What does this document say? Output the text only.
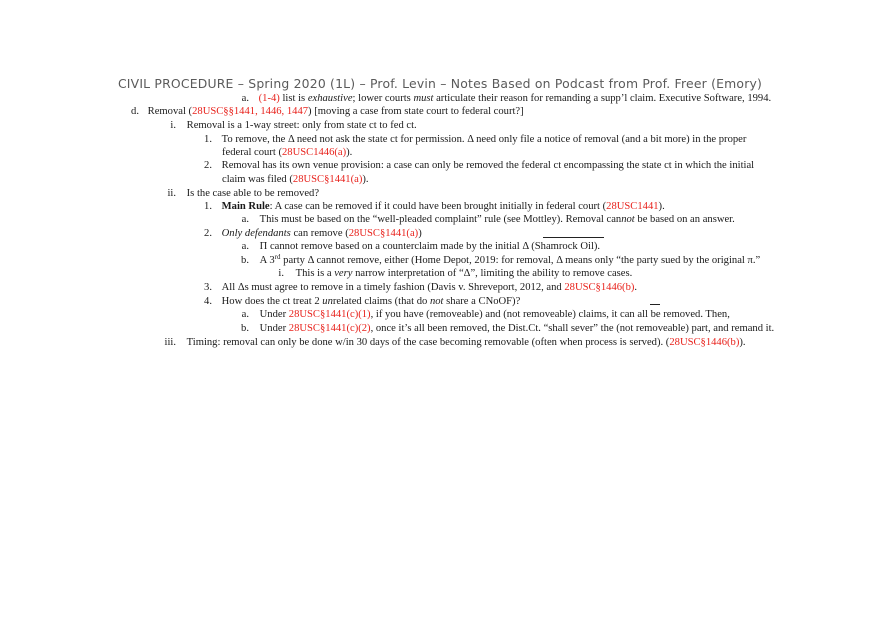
CIVIL PROCEDURE – Spring 2020 (1L) – Prof. Levin – Notes Based on Podcast from Prof. Freer (Emory)
a. (1-4) list is exhaustive; lower courts must articulate their reason for remanding a supp’l claim. Executive Software, 1994.
d. Removal (28USC§§1441, 1446, 1447) [moving a case from state court to federal court?]
i. Removal is a 1-way street: only from state ct to fed ct.
1. To remove, the Δ need not ask the state ct for permission. Δ need only file a notice of removal (and a bit more) in the proper
federal court (28USC1446(a)).
2. Removal has its own venue provision: a case can only be removed the federal ct encompassing the state ct in which the initial
claim was filed (28USC§1441(a)).
ii. Is the case able to be removed?
1. Main Rule: A case can be removed if it could have been brought initially in federal court (28USC1441).
a. This must be based on the “well-pleaded complaint” rule (see Mottley). Removal cannot be based on an answer.
2. Only defendants can remove (28USC§1441(a))
a. Π cannot remove based on a counterclaim made by the initial Δ (Shamrock Oil).
b. A 3rd party Δ cannot remove, either (Home Depot, 2019: for removal, Δ means only “the party sued by the original π.”
i. This is a very narrow interpretation of “Δ”, limiting the ability to remove cases.
3. All Δs must agree to remove in a timely fashion (Davis v. Shreveport, 2012, and 28USC§1446(b).
4. How does the ct treat 2 unrelated claims (that do not share a CNoOF)?
a. Under 28USC§1441(c)(1), if you have (removeable) and (not removeable) claims, it can all be removed. Then,
b. Under 28USC§1441(c)(2), once it’s all been removed, the Dist.Ct. “shall sever” the (not removeable) part, and remand it.
iii. Timing: removal can only be done w/in 30 days of the case becoming removable (often when process is served). (28USC§1446(b)).
